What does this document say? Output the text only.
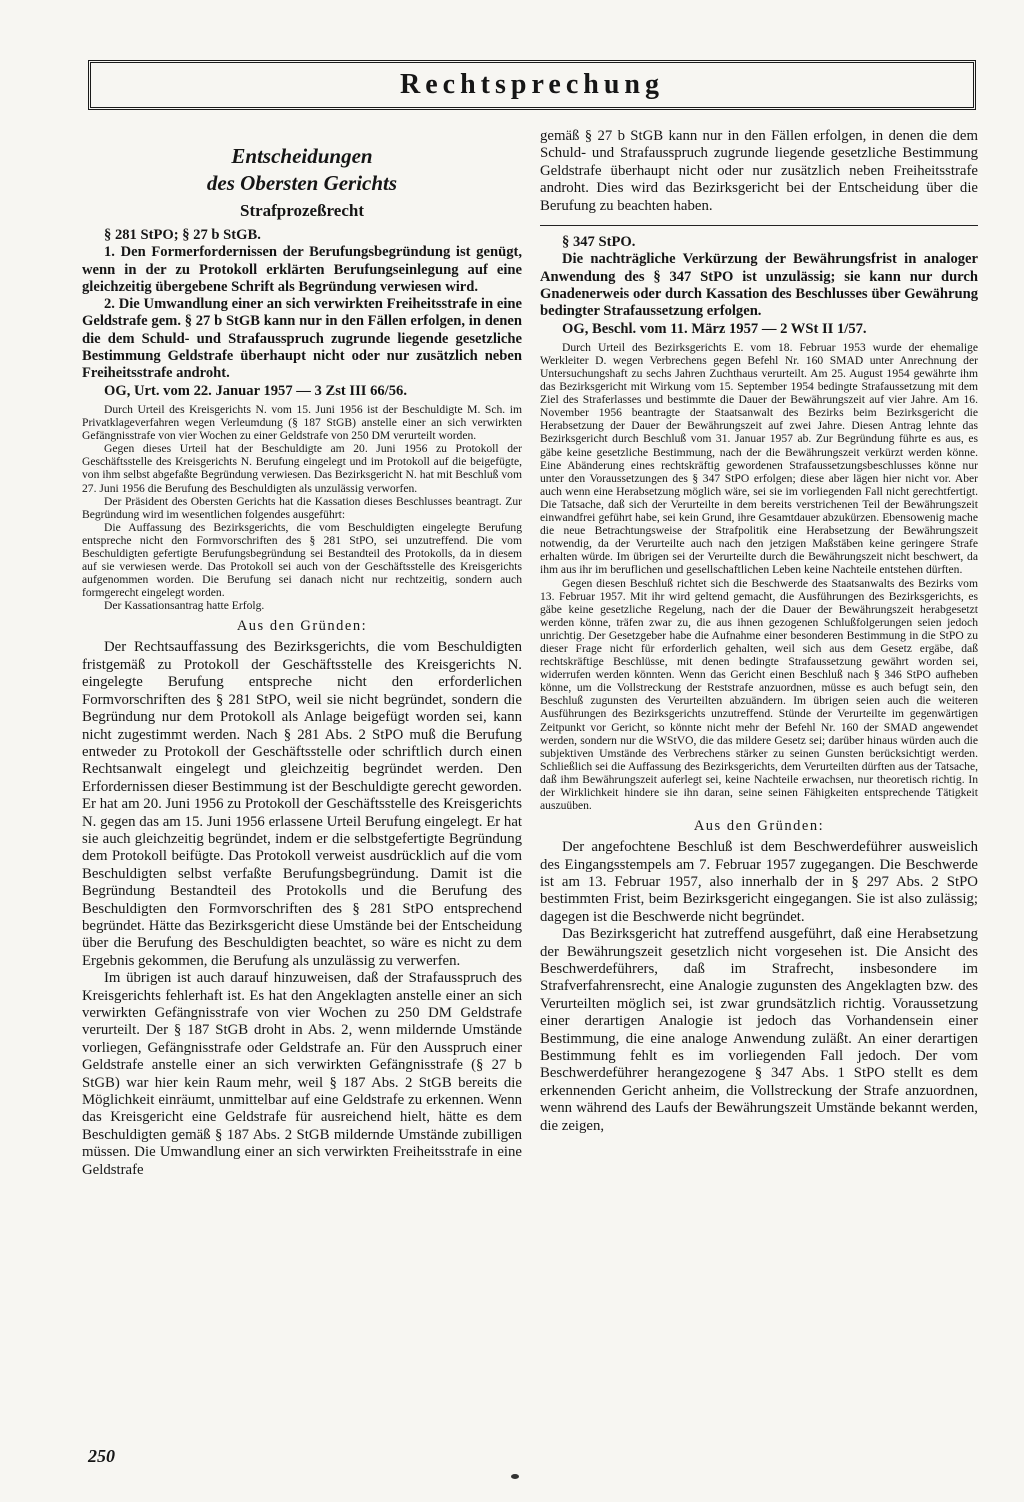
Rechtsprechung
Entscheidungen
des Obersten Gerichts
Strafprozeßrecht

§ 281 StPO; § 27 b StGB.

1. Den Formerfordernissen der Berufungsbegründung ist genügt, wenn in der zu Protokoll erklärten Berufungseinlegung auf eine gleichzeitig übergebene Schrift als Begründung verwiesen wird.

2. Die Umwandlung einer an sich verwirkten Freiheitsstrafe in eine Geldstrafe gem. § 27 b StGB kann nur in den Fällen erfolgen, in denen die dem Schuld- und Strafausspruch zugrunde liegende gesetzliche Bestimmung Geldstrafe überhaupt nicht oder nur zusätzlich neben Freiheitsstrafe androht.

OG, Urt. vom 22. Januar 1957 — 3 Zst III 66/56.

Durch Urteil des Kreisgerichts N. vom 15. Juni 1956 ist der Beschuldigte M. Sch. im Privatklageverfahren wegen Verleumdung (§ 187 StGB) anstelle einer an sich verwirkten Gefängnisstrafe von vier Wochen zu einer Geldstrafe von 250 DM verurteilt worden.

Gegen dieses Urteil hat der Beschuldigte am 20. Juni 1956 zu Protokoll der Geschäftsstelle des Kreisgerichts N. Berufung eingelegt und im Protokoll auf die beigefügte, von ihm selbst abgefaßte Begründung verwiesen. Das Bezirksgericht N. hat mit Beschluß vom 27. Juni 1956 die Berufung des Beschuldigten als unzulässig verworfen.

Der Präsident des Obersten Gerichts hat die Kassation dieses Beschlusses beantragt. Zur Begründung wird im wesentlichen folgendes ausgeführt:

Die Auffassung des Bezirksgerichts, die vom Beschuldigten eingelegte Berufung entspreche nicht den Formvorschriften des § 281 StPO, sei unzutreffend. Die vom Beschuldigten gefertigte Berufungsbegründung sei Bestandteil des Protokolls, da in diesem auf sie verwiesen werde. Das Protokoll sei auch von der Geschäftsstelle des Kreisgerichts aufgenommen worden. Die Berufung sei danach nicht nur rechtzeitig, sondern auch formgerecht eingelegt worden.

Der Kassationsantrag hatte Erfolg.

Aus den Gründen:

Der Rechtsauffassung des Bezirksgerichts, die vom Beschuldigten fristgemäß zu Protokoll der Geschäftsstelle des Kreisgerichts N. eingelegte Berufung entspreche nicht den erforderlichen Formvorschriften des § 281 StPO, weil sie nicht begründet, sondern die Begründung nur dem Protokoll als Anlage beigefügt worden sei, kann nicht zugestimmt werden. Nach § 281 Abs. 2 StPO muß die Berufung entweder zu Protokoll der Geschäftsstelle oder schriftlich durch einen Rechtsanwalt eingelegt und gleichzeitig begründet werden. Den Erfordernissen dieser Bestimmung ist der Beschuldigte gerecht geworden. Er hat am 20. Juni 1956 zu Protokoll der Geschäftsstelle des Kreisgerichts N. gegen das am 15. Juni 1956 erlassene Urteil Berufung eingelegt. Er hat sie auch gleichzeitig begründet, indem er die selbstgefertigte Begründung dem Protokoll beifügte. Das Protokoll verweist ausdrücklich auf die vom Beschuldigten selbst verfaßte Berufungsbegründung. Damit ist die Begründung Bestandteil des Protokolls und die Berufung des Beschuldigten den Formvorschriften des § 281 StPO entsprechend begründet. Hätte das Bezirksgericht diese Umstände bei der Entscheidung über die Berufung des Beschuldigten beachtet, so wäre es nicht zu dem Ergebnis gekommen, die Berufung als unzulässig zu verwerfen.

Im übrigen ist auch darauf hinzuweisen, daß der Strafausspruch des Kreisgerichts fehlerhaft ist. Es hat den Angeklagten anstelle einer an sich verwirkten Gefängnisstrafe von vier Wochen zu 250 DM Geldstrafe verurteilt. Der § 187 StGB droht in Abs. 2, wenn mildernde Umstände vorliegen, Gefängnisstrafe oder Geldstrafe an. Für den Ausspruch einer Geldstrafe anstelle einer an sich verwirkten Gefängnisstrafe (§ 27 b StGB) war hier kein Raum mehr, weil § 187 Abs. 2 StGB bereits die Möglichkeit einräumt, unmittelbar auf eine Geldstrafe zu erkennen. Wenn das Kreisgericht eine Geldstrafe für ausreichend hielt, hätte es dem Beschuldigten gemäß § 187 Abs. 2 StGB mildernde Umstände zubilligen müssen. Die Umwandlung einer an sich verwirkten Freiheitsstrafe in eine Geldstrafe

gemäß § 27 b StGB kann nur in den Fällen erfolgen, in denen die dem Schuld- und Strafausspruch zugrunde liegende gesetzliche Bestimmung Geldstrafe überhaupt nicht oder nur zusätzlich neben Freiheitsstrafe androht. Dies wird das Bezirksgericht bei der Entscheidung über die Berufung zu beachten haben.

§ 347 StPO.

Die nachträgliche Verkürzung der Bewährungsfrist in analoger Anwendung des § 347 StPO ist unzulässig; sie kann nur durch Gnadenerweis oder durch Kassation des Beschlusses über Gewährung bedingter Strafaussetzung erfolgen.

OG, Beschl. vom 11. März 1957 — 2 WSt II 1/57.

Durch Urteil des Bezirksgerichts E. vom 18. Februar 1953 wurde der ehemalige Werkleiter D. wegen Verbrechens gegen Befehl Nr. 160 SMAD unter Anrechnung der Untersuchungshaft zu sechs Jahren Zuchthaus verurteilt. Am 25. August 1954 gewährte ihm das Bezirksgericht mit Wirkung vom 15. September 1954 bedingte Strafaussetzung mit dem Ziel des Straferlasses und bestimmte die Dauer der Bewährungszeit auf vier Jahre. Am 16. November 1956 beantragte der Staatsanwalt des Bezirks beim Bezirksgericht die Herabsetzung der Dauer der Bewährungszeit auf zwei Jahre. Diesen Antrag lehnte das Bezirksgericht durch Beschluß vom 31. Januar 1957 ab. Zur Begründung führte es aus, es gäbe keine gesetzliche Bestimmung, nach der die Bewährungszeit verkürzt werden könne. Eine Abänderung eines rechtskräftig gewordenen Strafaussetzungsbeschlusses könne nur unter den Voraussetzungen des § 347 StPO erfolgen; diese aber lägen hier nicht vor. Aber auch wenn eine Herabsetzung möglich wäre, sei sie im vorliegenden Fall nicht gerechtfertigt. Die Tatsache, daß sich der Verurteilte in dem bereits verstrichenen Teil der Bewährungszeit einwandfrei geführt habe, sei kein Grund, ihre Gesamtdauer abzukürzen. Ebensowenig mache die neue Betrachtungsweise der Strafpolitik eine Herabsetzung der Bewährungszeit notwendig, da der Verurteilte auch nach den jetzigen Maßstäben keine geringere Strafe erhalten würde. Im übrigen sei der Verurteilte durch die Bewährungszeit nicht beschwert, da ihm aus ihr im beruflichen und gesellschaftlichen Leben keine Nachteile entstehen dürften.

Gegen diesen Beschluß richtet sich die Beschwerde des Staatsanwalts des Bezirks vom 13. Februar 1957. Mit ihr wird geltend gemacht, die Ausführungen des Bezirksgerichts, es gäbe keine gesetzliche Regelung, nach der die Dauer der Bewährungszeit herabgesetzt werden könne, träfen zwar zu, die aus ihnen gezogenen Schlußfolgerungen seien jedoch unrichtig. Der Gesetzgeber habe die Aufnahme einer besonderen Bestimmung in die StPO zu dieser Frage nicht für erforderlich gehalten, weil sich aus dem Gesetz ergäbe, daß rechtskräftige Beschlüsse, mit denen bedingte Strafaussetzung gewährt worden sei, widerrufen werden könnten. Wenn das Gericht einen Beschluß nach § 346 StPO aufheben könne, um die Vollstreckung der Reststrafe anzuordnen, müsse es auch befugt sein, den Beschluß zugunsten des Verurteilten abzuändern. Im übrigen seien auch die weiteren Ausführungen des Bezirksgerichts unzutreffend. Stünde der Verurteilte im gegenwärtigen Zeitpunkt vor Gericht, so könnte nicht mehr der Befehl Nr. 160 der SMAD angewendet werden, sondern nur die WStVO, die das mildere Gesetz sei; darüber hinaus würden auch die subjektiven Umstände des Verbrechens stärker zu seinen Gunsten berücksichtigt werden. Schließlich sei die Auffassung des Bezirksgerichts, dem Verurteilten dürften aus der Tatsache, daß ihm Bewährungszeit auferlegt sei, keine Nachteile erwachsen, nur theoretisch richtig. In der Wirklichkeit hindere sie ihn daran, seine seinen Fähigkeiten entsprechende Tätigkeit auszuüben.

Aus den Gründen:

Der angefochtene Beschluß ist dem Beschwerdeführer ausweislich des Eingangsstempels am 7. Februar 1957 zugegangen. Die Beschwerde ist am 13. Februar 1957, also innerhalb der in § 297 Abs. 2 StPO bestimmten Frist, beim Bezirksgericht eingegangen. Sie ist also zulässig; dagegen ist die Beschwerde nicht begründet.

Das Bezirksgericht hat zutreffend ausgeführt, daß eine Herabsetzung der Bewährungszeit gesetzlich nicht vorgesehen ist. Die Ansicht des Beschwerdeführers, daß im Strafrecht, insbesondere im Strafverfahrensrecht, eine Analogie zugunsten des Angeklagten bzw. des Verurteilten möglich sei, ist zwar grundsätzlich richtig. Voraussetzung einer derartigen Analogie ist jedoch das Vorhandensein einer Bestimmung, die eine analoge Anwendung zuläßt. An einer derartigen Bestimmung fehlt es im vorliegenden Fall jedoch. Der vom Beschwerdeführer herangezogene § 347 Abs. 1 StPO stellt es dem erkennenden Gericht anheim, die Vollstreckung der Strafe anzuordnen, wenn während des Laufs der Bewährungszeit Umstände bekannt werden, die zeigen,

250
